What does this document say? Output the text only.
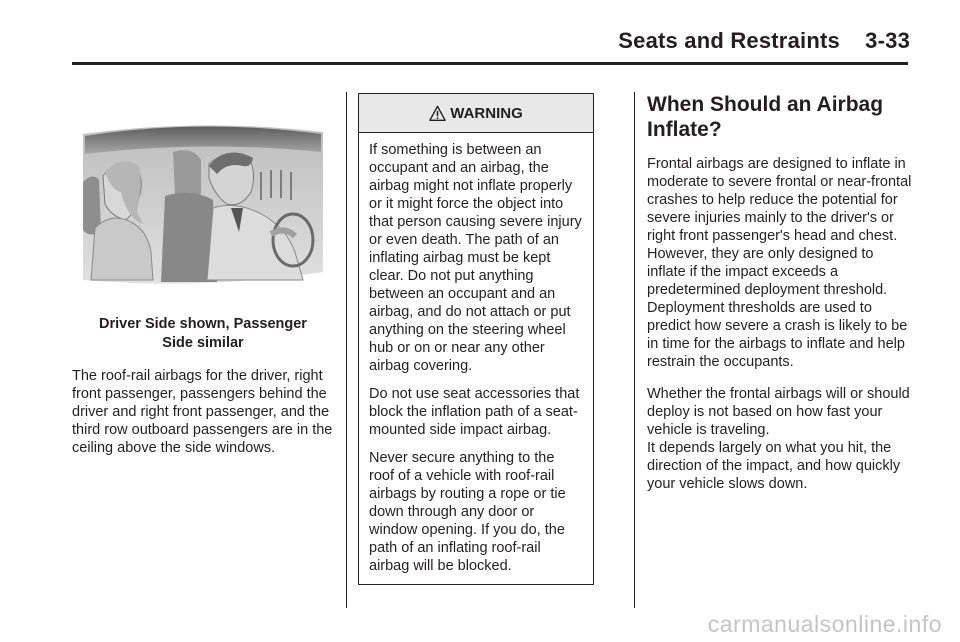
Seats and Restraints    3-33
Driver Side shown, Passenger
Side similar

The roof-rail airbags for the driver, right front passenger, passengers behind the driver and right front passenger, and the third row outboard passengers are in the ceiling above the side windows.

WARNING

If something is between an occupant and an airbag, the airbag might not inflate properly or it might force the object into that person causing severe injury or even death. The path of an inflating airbag must be kept clear. Do not put anything between an occupant and an airbag, and do not attach or put anything on the steering wheel hub or on or near any other airbag covering.

Do not use seat accessories that block the inflation path of a seat-mounted side impact airbag.

Never secure anything to the roof of a vehicle with roof-rail airbags by routing a rope or tie down through any door or window opening. If you do, the path of an inflating roof-rail airbag will be blocked.

When Should an Airbag Inflate?

Frontal airbags are designed to inflate in moderate to severe frontal or near-frontal crashes to help reduce the potential for severe injuries mainly to the driver's or right front passenger's head and chest. However, they are only designed to inflate if the impact exceeds a predetermined deployment threshold. Deployment thresholds are used to predict how severe a crash is likely to be in time for the airbags to inflate and help restrain the occupants.

Whether the frontal airbags will or should deploy is not based on how fast your vehicle is traveling.
It depends largely on what you hit, the direction of the impact, and how quickly your vehicle slows down.

carmanualsonline.info
